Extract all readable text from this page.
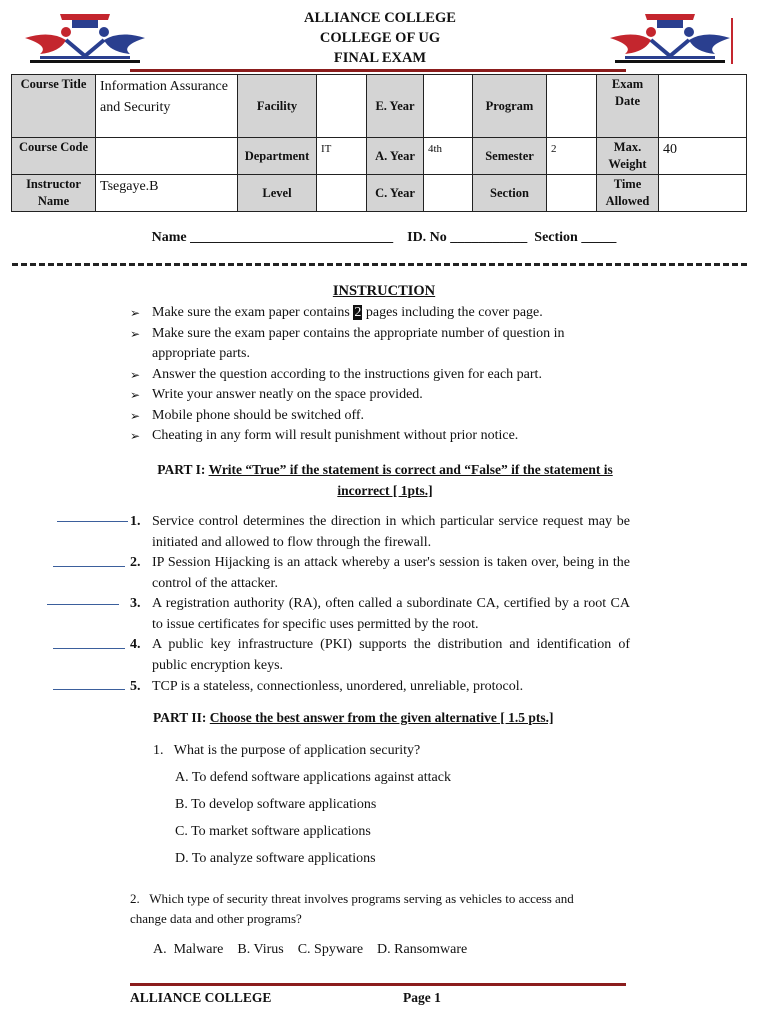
ALLIANCE COLLEGE
COLLEGE OF UG
FINAL EXAM
Course Title	Information Assurance and Security	Facility		E. Year		Program		Exam Date	
Course Code		Department	IT	A. Year	4th	Semester	2	Max. Weight	40
Instructor Name	Tsegaye.B	Level		C. Year		Section		Time Allowed	
Name _____________________________    ID. No ___________  Section _____
INSTRUCTION
➢ Make sure the exam paper contains 2 pages including the cover page.
➢ Make sure the exam paper contains the appropriate number of question in appropriate parts.
➢ Answer the question according to the instructions given for each part.
➢ Write your answer neatly on the space provided.
➢ Mobile phone should be switched off.
➢ Cheating in any form will result punishment without prior notice.
PART I: Write “True” if the statement is correct and “False” if the statement is incorrect [ 1pts.]
1. Service control determines the direction in which particular service request may be initiated and allowed to flow through the firewall.
2. IP Session Hijacking is an attack whereby a user's session is taken over, being in the control of the attacker.
3. A registration authority (RA), often called a subordinate CA, certified by a root CA to issue certificates for specific uses permitted by the root.
4. A public key infrastructure (PKI) supports the distribution and identification of public encryption keys.
5. TCP is a stateless, connectionless, unordered, unreliable, protocol.
PART II: Choose the best answer from the given alternative [ 1.5 pts.]
1.   What is the purpose of application security?
A. To defend software applications against attack
B. To develop software applications
C. To market software applications
D. To analyze software applications
2.   Which type of security threat involves programs serving as vehicles to access and
change data and other programs?
A.  Malware    B. Virus    C. Spyware    D. Ransomware
ALLIANCE COLLEGE	Page 1
